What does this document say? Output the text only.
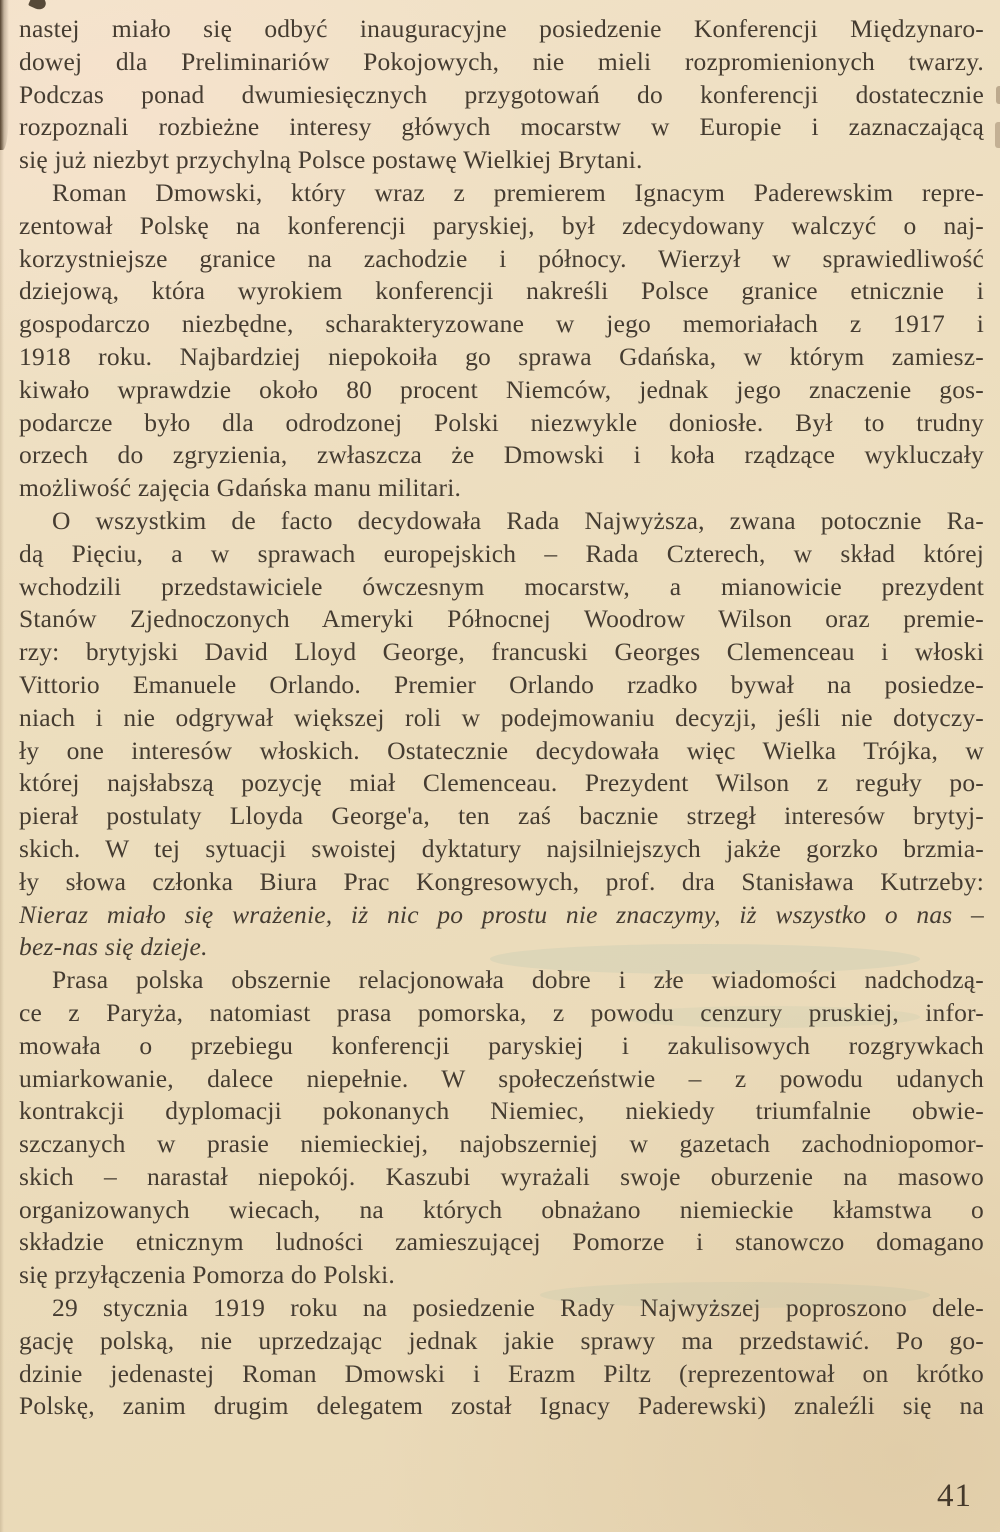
nastej miało się odbyć inauguracyjne posiedzenie Konferencji Międzynaro-
dowej dla Preliminariów Pokojowych, nie mieli rozpromienionych twarzy.
Podczas ponad dwumiesięcznych przygotowań do konferencji dostatecznie
rozpoznali rozbieżne interesy główych mocarstw w Europie i zaznaczającą
się już niezbyt przychylną Polsce postawę Wielkiej Brytani.
Roman Dmowski, który wraz z premierem Ignacym Paderewskim repre-
zentował Polskę na konferencji paryskiej, był zdecydowany walczyć o naj-
korzystniejsze granice na zachodzie i północy. Wierzył w sprawiedliwość
dziejową, która wyrokiem konferencji nakreśli Polsce granice etnicznie i
gospodarczo niezbędne, scharakteryzowane w jego memoriałach z 1917 i
1918 roku. Najbardziej niepokoiła go sprawa Gdańska, w którym zamiesz-
kiwało wprawdzie około 80 procent Niemców, jednak jego znaczenie gos-
podarcze było dla odrodzonej Polski niezwykle doniosłe. Był to trudny
orzech do zgryzienia, zwłaszcza że Dmowski i koła rządzące wykluczały
możliwość zajęcia Gdańska manu militari.
O wszystkim de facto decydowała Rada Najwyższa, zwana potocznie Ra-
dą Pięciu, a w sprawach europejskich – Rada Czterech, w skład której
wchodzili przedstawiciele ówczesnym mocarstw, a mianowicie prezydent
Stanów Zjednoczonych Ameryki Północnej Woodrow Wilson oraz premie-
rzy: brytyjski David Lloyd George, francuski Georges Clemenceau i włoski
Vittorio Emanuele Orlando. Premier Orlando rzadko bywał na posiedze-
niach i nie odgrywał większej roli w podejmowaniu decyzji, jeśli nie dotyczy-
ły one interesów włoskich. Ostatecznie decydowała więc Wielka Trójka, w
której najsłabszą pozycję miał Clemenceau. Prezydent Wilson z reguły po-
pierał postulaty Lloyda George'a, ten zaś bacznie strzegł interesów brytyj-
skich. W tej sytuacji swoistej dyktatury najsilniejszych jakże gorzko brzmia-
ły słowa członka Biura Prac Kongresowych, prof. dra Stanisława Kutrzeby:
Nieraz miało się wrażenie, iż nic po prostu nie znaczymy, iż wszystko o nas –
bez-nas się dzieje.
Prasa polska obszernie relacjonowała dobre i złe wiadomości nadchodzą-
ce z Paryża, natomiast prasa pomorska, z powodu cenzury pruskiej, infor-
mowała o przebiegu konferencji paryskiej i zakulisowych rozgrywkach
umiarkowanie, dalece niepełnie. W społeczeństwie – z powodu udanych
kontrakcji dyplomacji pokonanych Niemiec, niekiedy triumfalnie obwie-
szczanych w prasie niemieckiej, najobszerniej w gazetach zachodniopomor-
skich – narastał niepokój. Kaszubi wyrażali swoje oburzenie na masowo
organizowanych wiecach, na których obnażano niemieckie kłamstwa o
składzie etnicznym ludności zamieszującej Pomorze i stanowczo domagano
się przyłączenia Pomorza do Polski.
29 stycznia 1919 roku na posiedzenie Rady Najwyższej poproszono dele-
gację polską, nie uprzedzając jednak jakie sprawy ma przedstawić. Po go-
dzinie jedenastej Roman Dmowski i Erazm Piltz (reprezentował on krótko
Polskę, zanim drugim delegatem został Ignacy Paderewski) znaleźli się na
41
